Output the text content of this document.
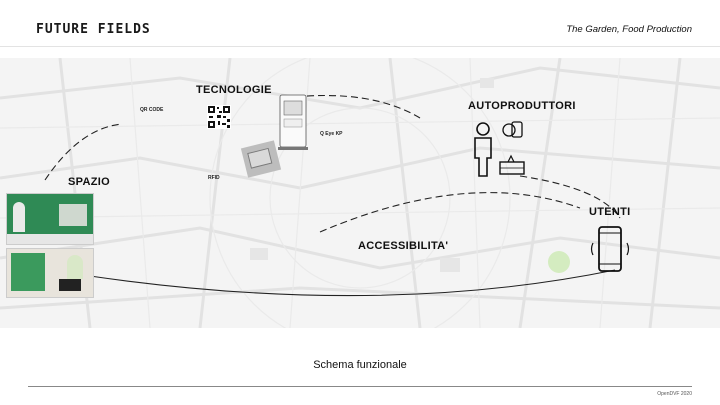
FUTURE FIELDS	The Garden, Food Production
TECNOLOGIE
SPAZIO
AUTOPRODUTTORI
ACCESSIBILITA'
UTENTI
QR CODE
RFID
Q Eye KP
Schema funzionale
OpenDVF 2020
